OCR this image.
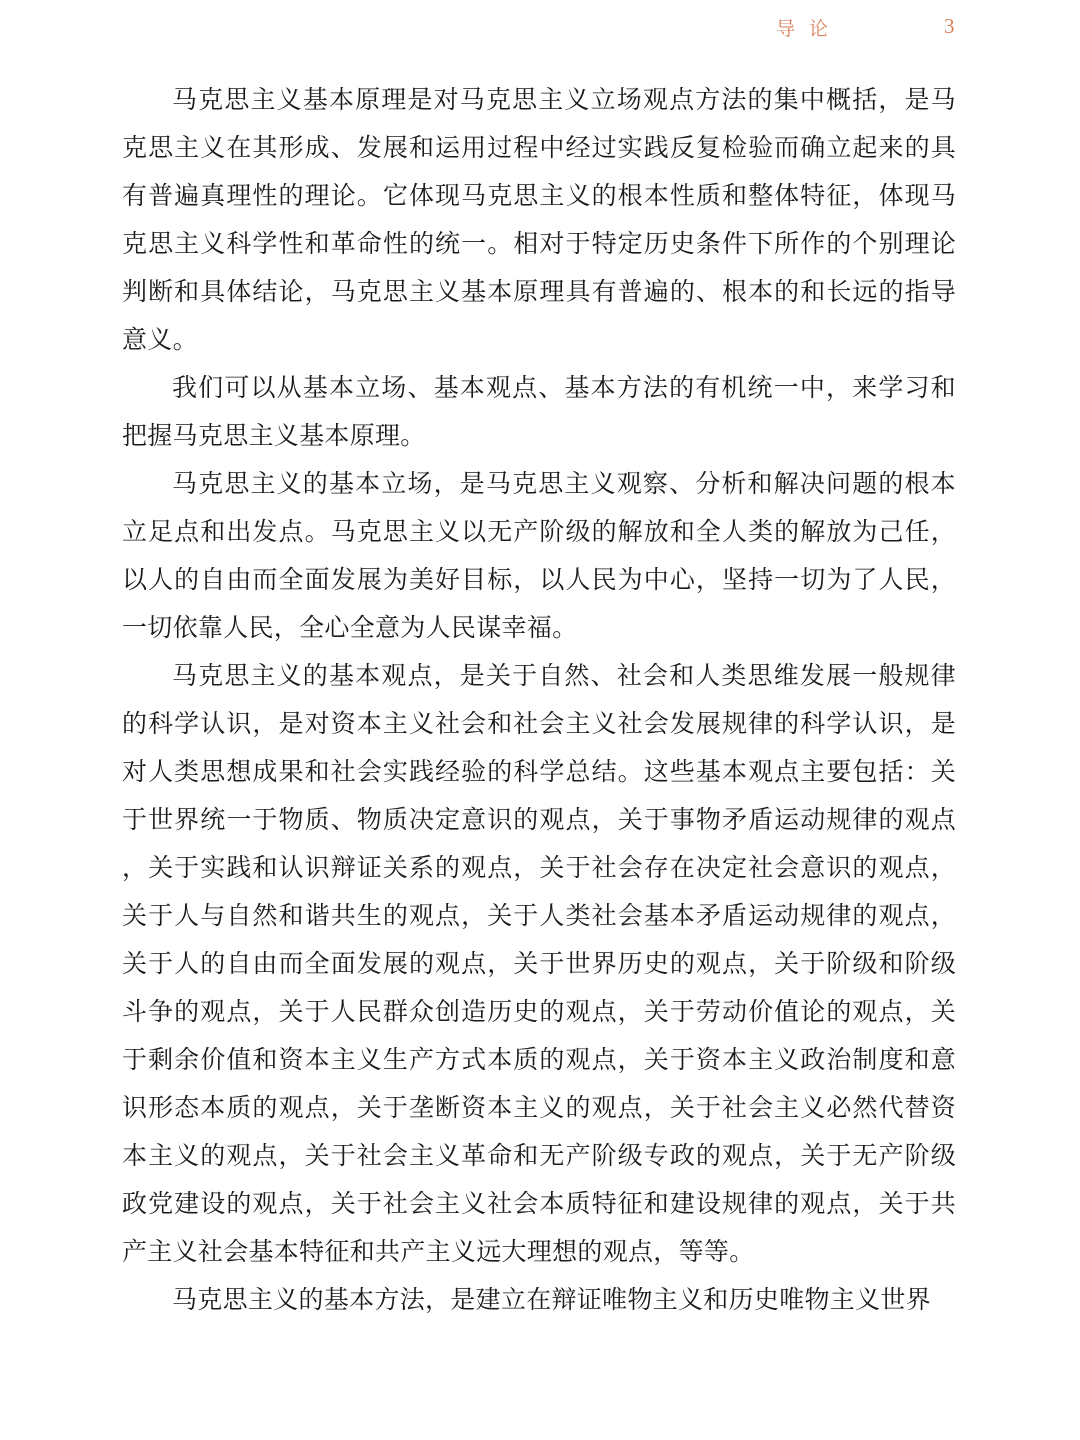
导论	3

马克思主义基本原理是对马克思主义立场观点方法的集中概括，是马克思主义在其形成、发展和运用过程中经过实践反复检验而确立起来的具有普遍真理性的理论。它体现马克思主义的根本性质和整体特征，体现马克思主义科学性和革命性的统一。相对于特定历史条件下所作的个别理论判断和具体结论，马克思主义基本原理具有普遍的、根本的和长远的指导意义。

我们可以从基本立场、基本观点、基本方法的有机统一中，来学习和把握马克思主义基本原理。

马克思主义的基本立场，是马克思主义观察、分析和解决问题的根本立足点和出发点。马克思主义以无产阶级的解放和全人类的解放为己任，以人的自由而全面发展为美好目标，以人民为中心，坚持一切为了人民，一切依靠人民，全心全意为人民谋幸福。

马克思主义的基本观点，是关于自然、社会和人类思维发展一般规律的科学认识，是对资本主义社会和社会主义社会发展规律的科学认识，是对人类思想成果和社会实践经验的科学总结。这些基本观点主要包括：关于世界统一于物质、物质决定意识的观点，关于事物矛盾运动规律的观点，关于实践和认识辩证关系的观点，关于社会存在决定社会意识的观点，关于人与自然和谐共生的观点，关于人类社会基本矛盾运动规律的观点，关于人的自由而全面发展的观点，关于世界历史的观点，关于阶级和阶级斗争的观点，关于人民群众创造历史的观点，关于劳动价值论的观点，关于剩余价值和资本主义生产方式本质的观点，关于资本主义政治制度和意识形态本质的观点，关于垄断资本主义的观点，关于社会主义必然代替资本主义的观点，关于社会主义革命和无产阶级专政的观点，关于无产阶级政党建设的观点，关于社会主义社会本质特征和建设规律的观点，关于共产主义社会基本特征和共产主义远大理想的观点，等等。

马克思主义的基本方法，是建立在辩证唯物主义和历史唯物主义世界
